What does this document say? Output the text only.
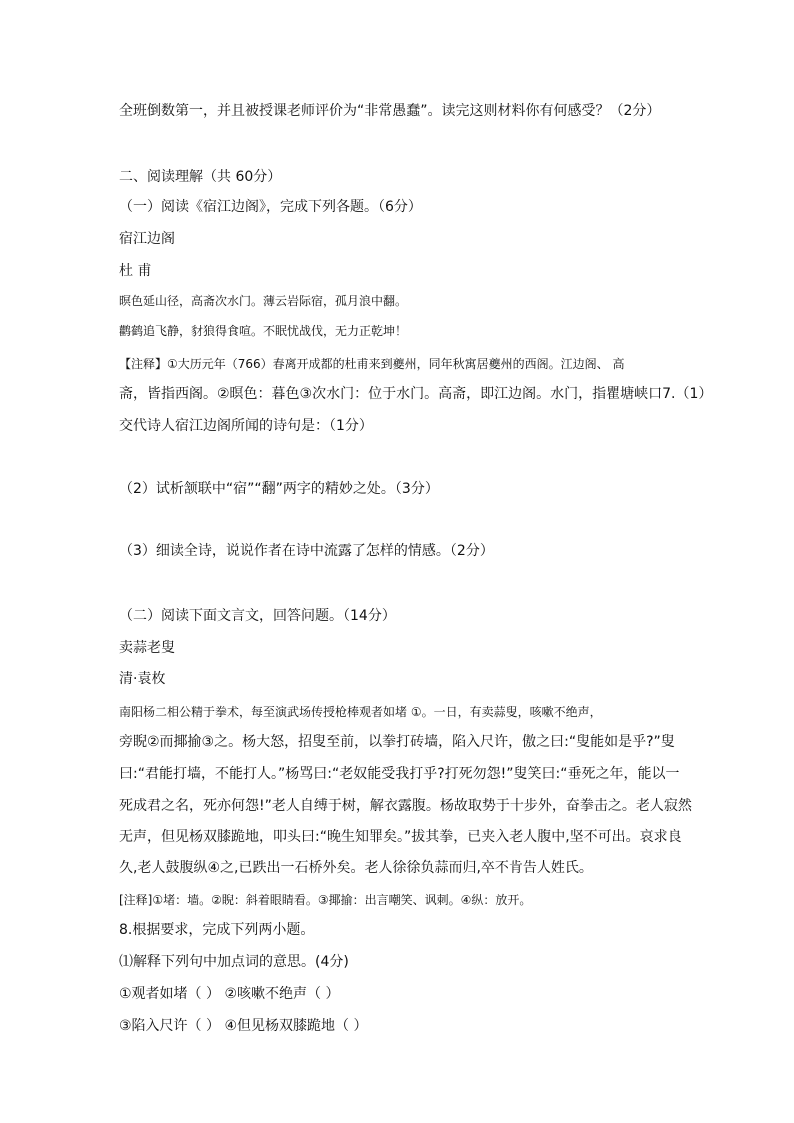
全班倒数第一，并且被授课老师评价为“非常愚蠢”。读完这则材料你有何感受？（2分）
二、阅读理解（共 60分）
（一）阅读《宿江边阁》，完成下列各题。（6分）
宿江边阁
杜 甫
暝色延山径，高斋次水门。薄云岩际宿，孤月浪中翻。
鹳鹤追飞静，豺狼得食喧。不眠忧战伐，无力正乾坤！
【注释】①大历元年（766）春离开成都的杜甫来到夔州，同年秋寓居夔州的西阁。江边阁、 高
斋，皆指西阁。②暝色：暮色③次水门：位于水门。高斋，即江边阁。水门，指瞿塘峡口7.（1）
交代诗人宿江边阁所闻的诗句是：（1分）
（2）试析颔联中“宿”“翻”两字的精妙之处。（3分）
（3）细读全诗，说说作者在诗中流露了怎样的情感。（2分）
（二）阅读下面文言文，回答问题。（14分）
卖蒜老叟
清·袁枚
南阳杨二相公精于拳术，每至演武场传授枪棒观者如堵 ①。一日，有卖蒜叟，咳嗽不绝声，
旁睨②而揶揄③之。杨大怒，招叟至前，以拳打砖墙，陷入尺许，傲之曰:“叟能如是乎?”叟
曰:“君能打墙，不能打人。”杨骂曰:“老奴能受我打乎?打死勿怨!”叟笑曰:“垂死之年，能以一
死成君之名，死亦何怨!”老人自缚于树，解衣露腹。杨故取势于十步外，奋拳击之。老人寂然
无声，但见杨双膝跪地，叩头曰:“晚生知罪矣。”拔其拳，已夹入老人腹中,坚不可出。哀求良
久,老人鼓腹纵④之,已跌出一石桥外矣。老人徐徐负蒜而归,卒不肯告人姓氏。
[注释]①堵：墙。②睨：斜着眼睛看。③揶揄：出言嘲笑、讽刺。④纵：放开。
8.根据要求，完成下列两小题。
⑴解释下列句中加点词的意思。(4分)
①观者如堵（ ） ②咳嗽不绝声（ ）
③陷入尺许（ ） ④但见杨双膝跪地（ ）
